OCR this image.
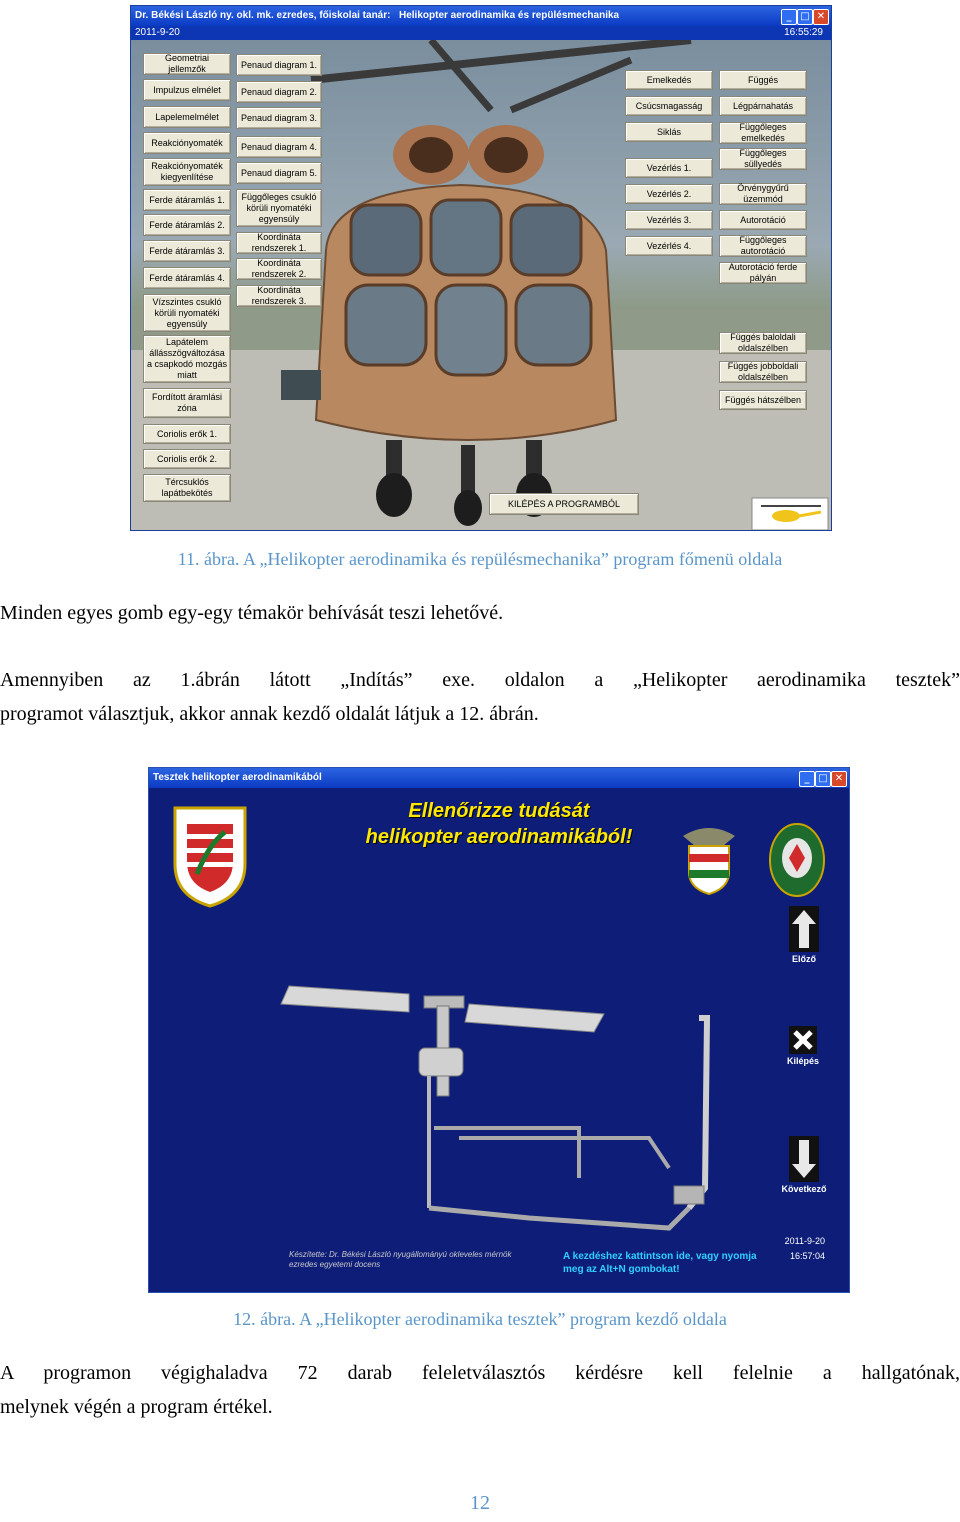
Dr. Békési László ny. okl. mk. ezredes, főiskolai tanár: Helikopter aerodinamika és repülésmechanika	_ □ ✕
2011-9-20	16:55:29
Geometriai jellemzők
Impulzus elmélet
Lapelemelmélet
Reakciónyomaték
Reakciónyomaték kiegyenlítése
Ferde átáramlás 1.
Ferde átáramlás 2.
Ferde átáramlás 3.
Ferde átáramlás 4.
Vízszintes csukló körüli nyomatéki egyensúly
Lapátelem állásszögváltozása a csapkodó mozgás miatt
Fordított áramlási zóna
Coriolis erők 1.
Coriolis erők 2.
Tércsuklós lapátbekötés
Penaud diagram 1.
Penaud diagram 2.
Penaud diagram 3.
Penaud diagram 4.
Penaud diagram 5.
Függőleges csukló körüli nyomatéki egyensúly
Koordináta rendszerek 1.
Koordináta rendszerek 2.
Koordináta rendszerek 3.
Emelkedés
Csúcsmagasság
Siklás
Vezérlés 1.
Vezérlés 2.
Vezérlés 3.
Vezérlés 4.
Függés
Légpárnahatás
Függőleges emelkedés
Függőleges süllyedés
Örvénygyűrű üzemmód
Autorotáció
Függőleges autorotáció
Autorotáció ferde pályán
Függés baloldali oldalszélben
Függés jobboldali oldalszélben
Függés hátszélben
KILÉPÉS A PROGRAMBÓL
11. ábra. A „Helikopter aerodinamika és repülésmechanika” program főmenü oldala
Minden egyes gomb egy-egy témakör behívását teszi lehetővé.
Amennyiben az 1.ábrán látott „Indítás” exe. oldalon a „Helikopter aerodinamika tesztek”
programot választjuk, akkor annak kezdő oldalát látjuk a 12. ábrán.
Tesztek helikopter aerodinamikából	_ □ ✕
Ellenőrizze tudását
helikopter aerodinamikából!
Előző
Kilépés
Következő
Készítette: Dr. Békési László nyugállományú okleveles mérnök ezredes egyetemi docens
A kezdéshez kattintson ide, vagy nyomja meg az Alt+N gombokat!
2011-9-20
16:57:04
12. ábra. A „Helikopter aerodinamika tesztek” program kezdő oldala
A programon végighaladva 72 darab feleletválasztós kérdésre kell felelnie a hallgatónak,
melynek végén a program értékel.
12
